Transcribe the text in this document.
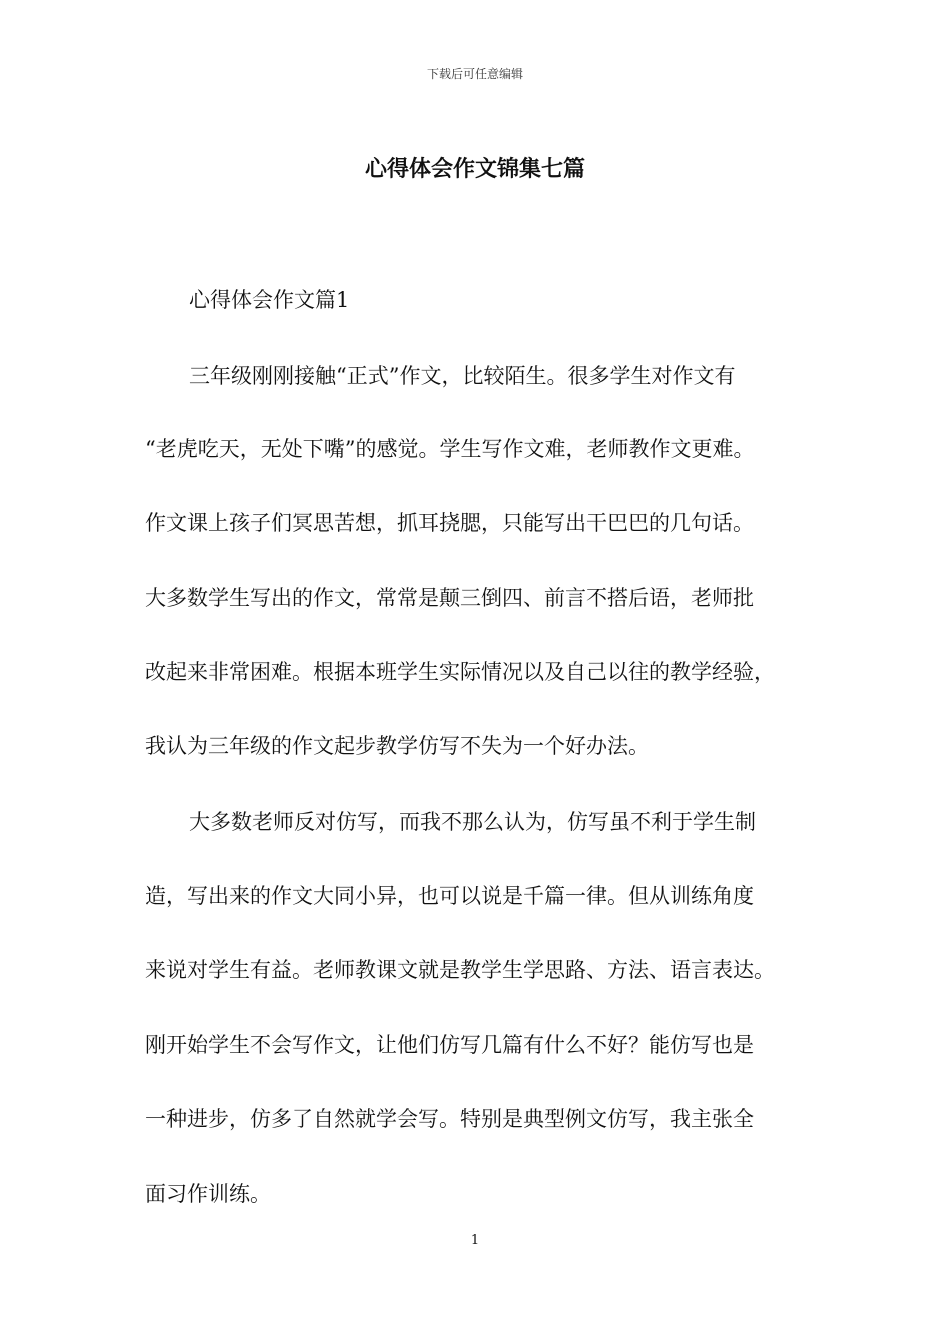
下载后可任意编辑
心得体会作文锦集七篇
心得体会作文篇1
三年级刚刚接触“正式”作文，比较陌生。很多学生对作文有
“老虎吃天，无处下嘴”的感觉。学生写作文难，老师教作文更难。
作文课上孩子们冥思苦想，抓耳挠腮，只能写出干巴巴的几句话。
大多数学生写出的作文，常常是颠三倒四、前言不搭后语，老师批
改起来非常困难。根据本班学生实际情况以及自己以往的教学经验，
我认为三年级的作文起步教学仿写不失为一个好办法。
大多数老师反对仿写，而我不那么认为，仿写虽不利于学生制
造，写出来的作文大同小异，也可以说是千篇一律。但从训练角度
来说对学生有益。老师教课文就是教学生学思路、方法、语言表达。
刚开始学生不会写作文，让他们仿写几篇有什么不好？能仿写也是
一种进步，仿多了自然就学会写。特别是典型例文仿写，我主张全
面习作训练。
1
